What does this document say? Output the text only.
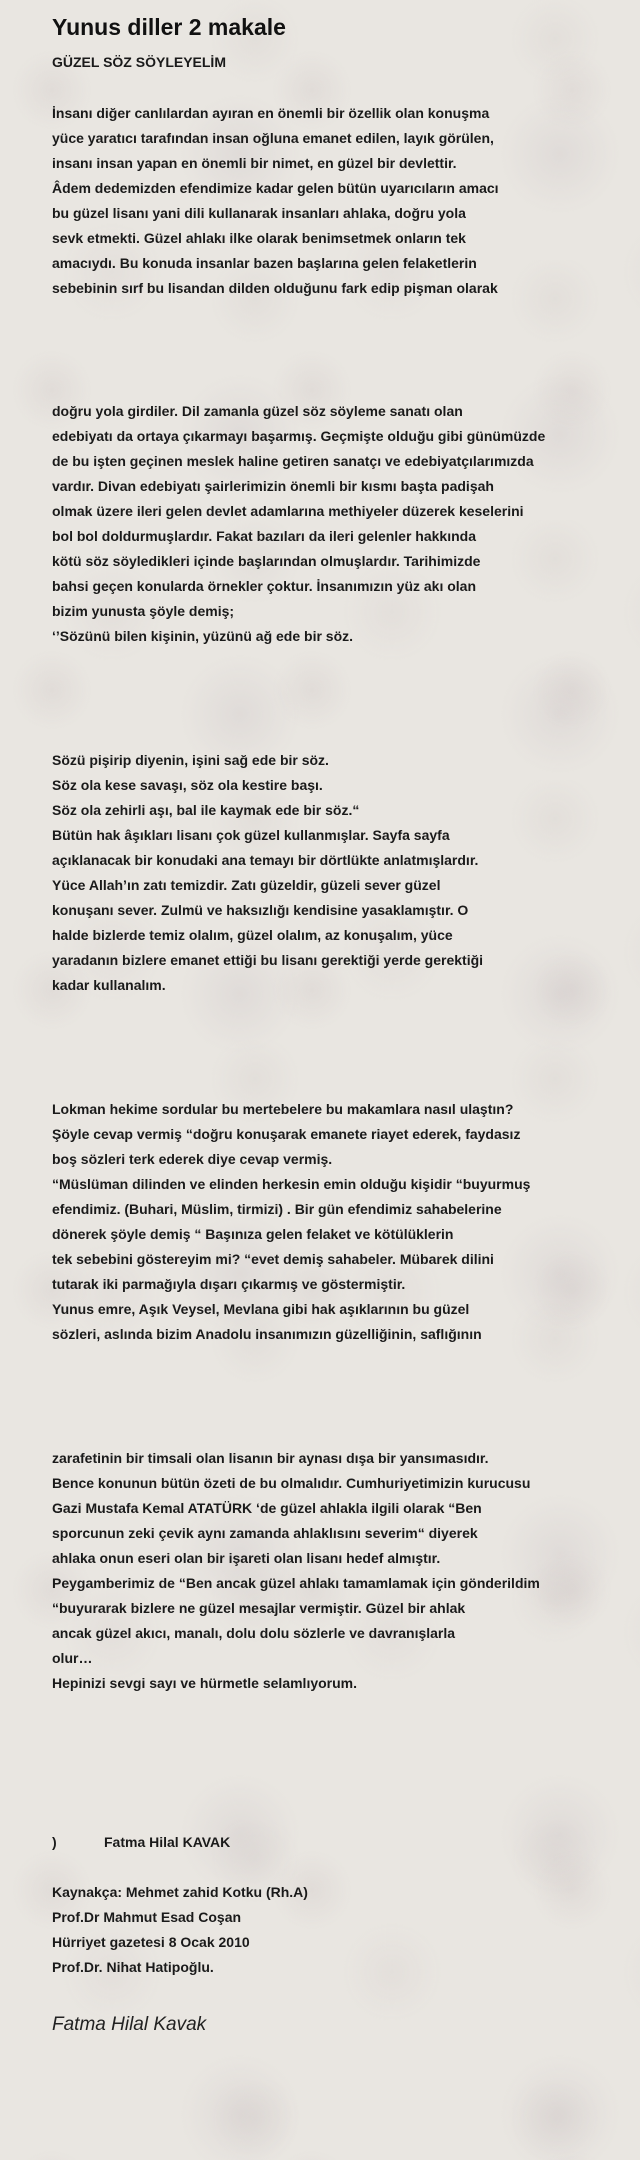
Yunus diller 2 makale
GÜZEL SÖZ SÖYLEYELİM
İnsanı diğer canlılardan ayıran en önemli bir özellik olan konuşma
yüce yaratıcı tarafından insan oğluna emanet edilen, layık görülen,
insanı insan yapan en önemli bir nimet, en güzel bir devlettir.
Âdem dedemizden efendimize kadar gelen bütün uyarıcıların amacı
bu güzel lisanı yani dili kullanarak insanları ahlaka, doğru yola
sevk etmekti. Güzel ahlakı ilke olarak benimsetmek onların tek
amacıydı. Bu konuda insanlar bazen başlarına gelen felaketlerin
sebebinin sırf bu lisandan dilden olduğunu fark edip pişman olarak
doğru yola girdiler. Dil zamanla güzel söz söyleme sanatı olan
edebiyatı da ortaya çıkarmayı başarmış. Geçmişte olduğu gibi günümüzde
de bu işten geçinen meslek haline getiren sanatçı ve edebiyatçılarımızda
vardır. Divan edebiyatı şairlerimizin önemli bir kısmı başta padişah
olmak üzere ileri gelen devlet adamlarına methiyeler düzerek keselerini
bol bol doldurmuşlardır. Fakat bazıları da ileri gelenler hakkında
kötü söz söyledikleri içinde başlarından olmuşlardır. Tarihimizde
bahsi geçen konularda örnekler çoktur. İnsanımızın yüz akı olan
bizim yunusta şöyle demiş;
‘’Sözünü bilen kişinin, yüzünü ağ ede bir söz.
Sözü pişirip diyenin, işini sağ ede bir söz.
Söz ola kese savaşı, söz ola kestire başı.
Söz ola zehirli aşı, bal ile kaymak ede bir söz.“
Bütün hak âşıkları lisanı çok güzel kullanmışlar. Sayfa sayfa
açıklanacak bir konudaki ana temayı bir dörtlükte anlatmışlardır.
Yüce Allah’ın zatı temizdir. Zatı güzeldir, güzeli sever güzel
konuşanı sever. Zulmü ve haksızlığı kendisine yasaklamıştır. O
halde bizlerde temiz olalım, güzel olalım, az konuşalım, yüce
yaradanın bizlere emanet ettiği bu lisanı gerektiği yerde gerektiği
kadar kullanalım.
Lokman hekime sordular bu mertebelere bu makamlara nasıl ulaştın?
Şöyle cevap vermiş “doğru konuşarak emanete riayet ederek, faydasız
boş sözleri terk ederek diye cevap vermiş.
“Müslüman dilinden ve elinden herkesin emin olduğu kişidir “buyurmuş
efendimiz. (Buhari, Müslim, tirmizi) . Bir gün efendimiz sahabelerine
dönerek şöyle demiş “ Başınıza gelen felaket ve kötülüklerin
tek sebebini göstereyim mi? “evet demiş sahabeler. Mübarek dilini
tutarak iki parmağıyla dışarı çıkarmış ve göstermiştir.
Yunus emre, Aşık Veysel, Mevlana gibi hak aşıklarının bu güzel
sözleri, aslında bizim Anadolu insanımızın güzelliğinin, saflığının
zarafetinin bir timsali olan lisanın bir aynası dışa bir yansımasıdır.
Bence konunun bütün özeti de bu olmalıdır. Cumhuriyetimizin kurucusu
Gazi Mustafa Kemal ATATÜRK ‘de güzel ahlakla ilgili olarak “Ben
sporcunun zeki çevik aynı zamanda ahlaklısını severim“ diyerek
ahlaka onun eseri olan bir işareti olan lisanı hedef almıştır.
Peygamberimiz de “Ben ancak güzel ahlakı tamamlamak için gönderildim
“buyurarak bizlere ne güzel mesajlar vermiştir. Güzel bir ahlak
ancak güzel akıcı, manalı, dolu dolu sözlerle ve davranışlarla
olur…
Hepinizi sevgi sayı ve hürmetle selamlıyorum.
)	Fatma Hilal KAVAK
Kaynakça: Mehmet zahid Kotku (Rh.A)
Prof.Dr Mahmut Esad Coşan
Hürriyet gazetesi 8 Ocak 2010
Prof.Dr. Nihat Hatipoğlu.
Fatma Hilal Kavak
